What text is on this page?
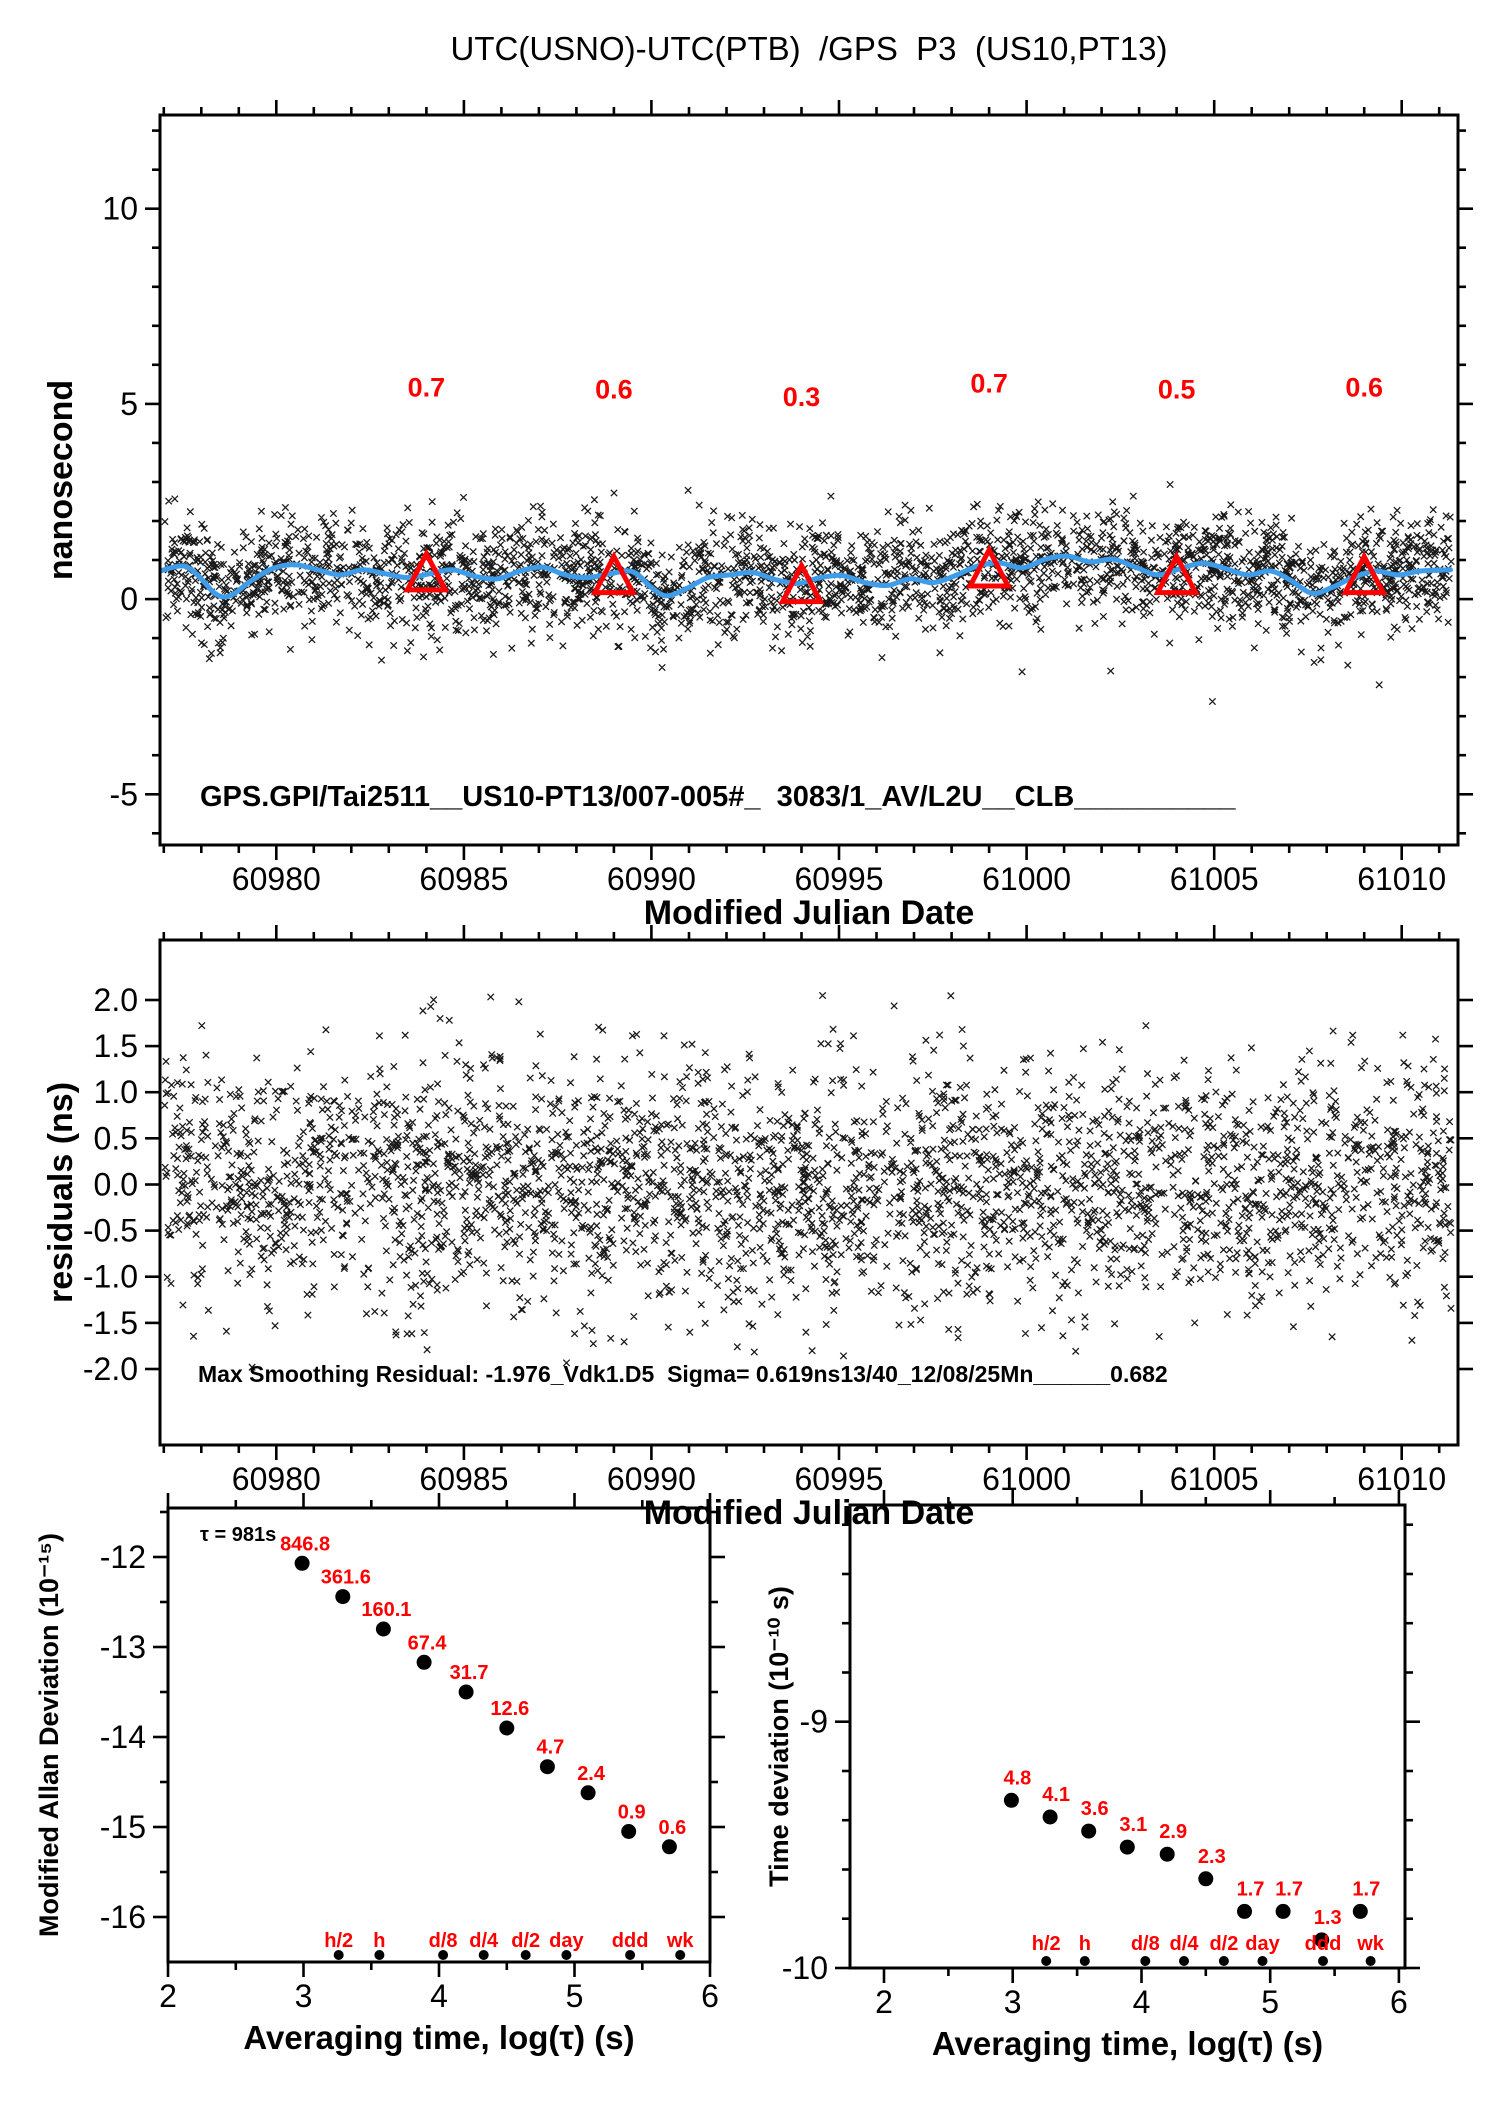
UTC(USNO)-UTC(PTB)  /GPS  P3  (US10,PT13)
0.7	0.6	0.3	0.7	0.5	0.6
60980	60985	60990	60995	61000	61005	61010
-5
0
5
10
Modified Julian Date
nanosecond
60980	60985	60990	60995	61000	61005	61010
2.0
1.5
1.0
0.5
0.0
-0.5
-1.0
-1.5
-2.0
Modified Julian Date
residuals (ns)
846.8
361.6
160.1
67.4
31.7
12.6
4.7
2.4
0.9
0.6
h/2 h d/8 d/4 d/2 day ddd wk
2	3	4	5	6
-12
-13
-14
-15
-16
Averaging time, log(τ) (s)
Modified Allan Deviation (10⁻¹⁵)	4.8
4.1
3.6
3.1 2.9
2.3
1.7 1.7
1.3
1.7
h/2 h d/8 d/4 d/2 day ddd wk
2	3	4	5	6
-9
-10
Averaging time, log(τ) (s)
Time deviation (10⁻¹⁰ s)
GPS.GPI/Tai2511__US10-PT13/007-005#_  3083/1_AV/L2U__CLB__________
Max Smoothing Residual: -1.976_Vdk1.D5  Sigma= 0.619ns13/40_12/08/25Mn______0.682
τ = 981s
